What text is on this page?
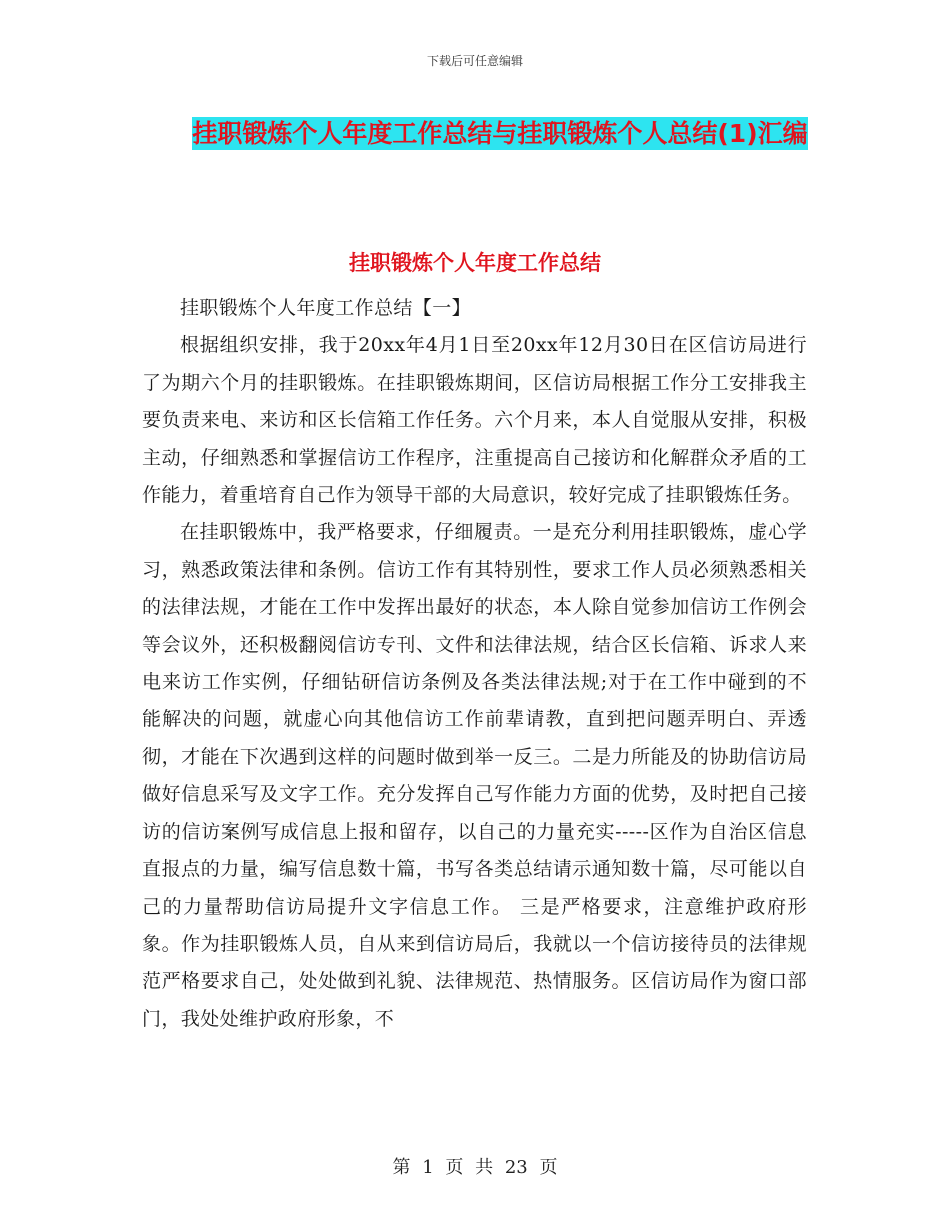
下载后可任意编辑
挂职锻炼个人年度工作总结与挂职锻炼个人总结(1)汇编
挂职锻炼个人年度工作总结

挂职锻炼个人年度工作总结【一】

根据组织安排，我于20xx年4月1日至20xx年12月30日在区信访局进行了为期六个月的挂职锻炼。在挂职锻炼期间，区信访局根据工作分工安排我主要负责来电、来访和区长信箱工作任务。六个月来，本人自觉服从安排，积极主动，仔细熟悉和掌握信访工作程序，注重提高自己接访和化解群众矛盾的工作能力，着重培育自己作为领导干部的大局意识，较好完成了挂职锻炼任务。

在挂职锻炼中，我严格要求，仔细履责。一是充分利用挂职锻炼，虚心学习，熟悉政策法律和条例。信访工作有其特别性，要求工作人员必须熟悉相关的法律法规，才能在工作中发挥出最好的状态，本人除自觉参加信访工作例会等会议外，还积极翻阅信访专刊、文件和法律法规，结合区长信箱、诉求人来电来访工作实例，仔细钻研信访条例及各类法律法规;对于在工作中碰到的不能解决的问题，就虚心向其他信访工作前辈请教，直到把问题弄明白、弄透彻，才能在下次遇到这样的问题时做到举一反三。二是力所能及的协助信访局做好信息采写及文字工作。充分发挥自己写作能力方面的优势，及时把自己接访的信访案例写成信息上报和留存，以自己的力量充实-----区作为自治区信息直报点的力量，编写信息数十篇，书写各类总结请示通知数十篇，尽可能以自己的力量帮助信访局提升文字信息工作。 三是严格要求，注意维护政府形象。作为挂职锻炼人员，自从来到信访局后，我就以一个信访接待员的法律规范严格要求自己，处处做到礼貌、法律规范、热情服务。区信访局作为窗口部门，我处处维护政府形象，不

第 1 页 共 23 页
